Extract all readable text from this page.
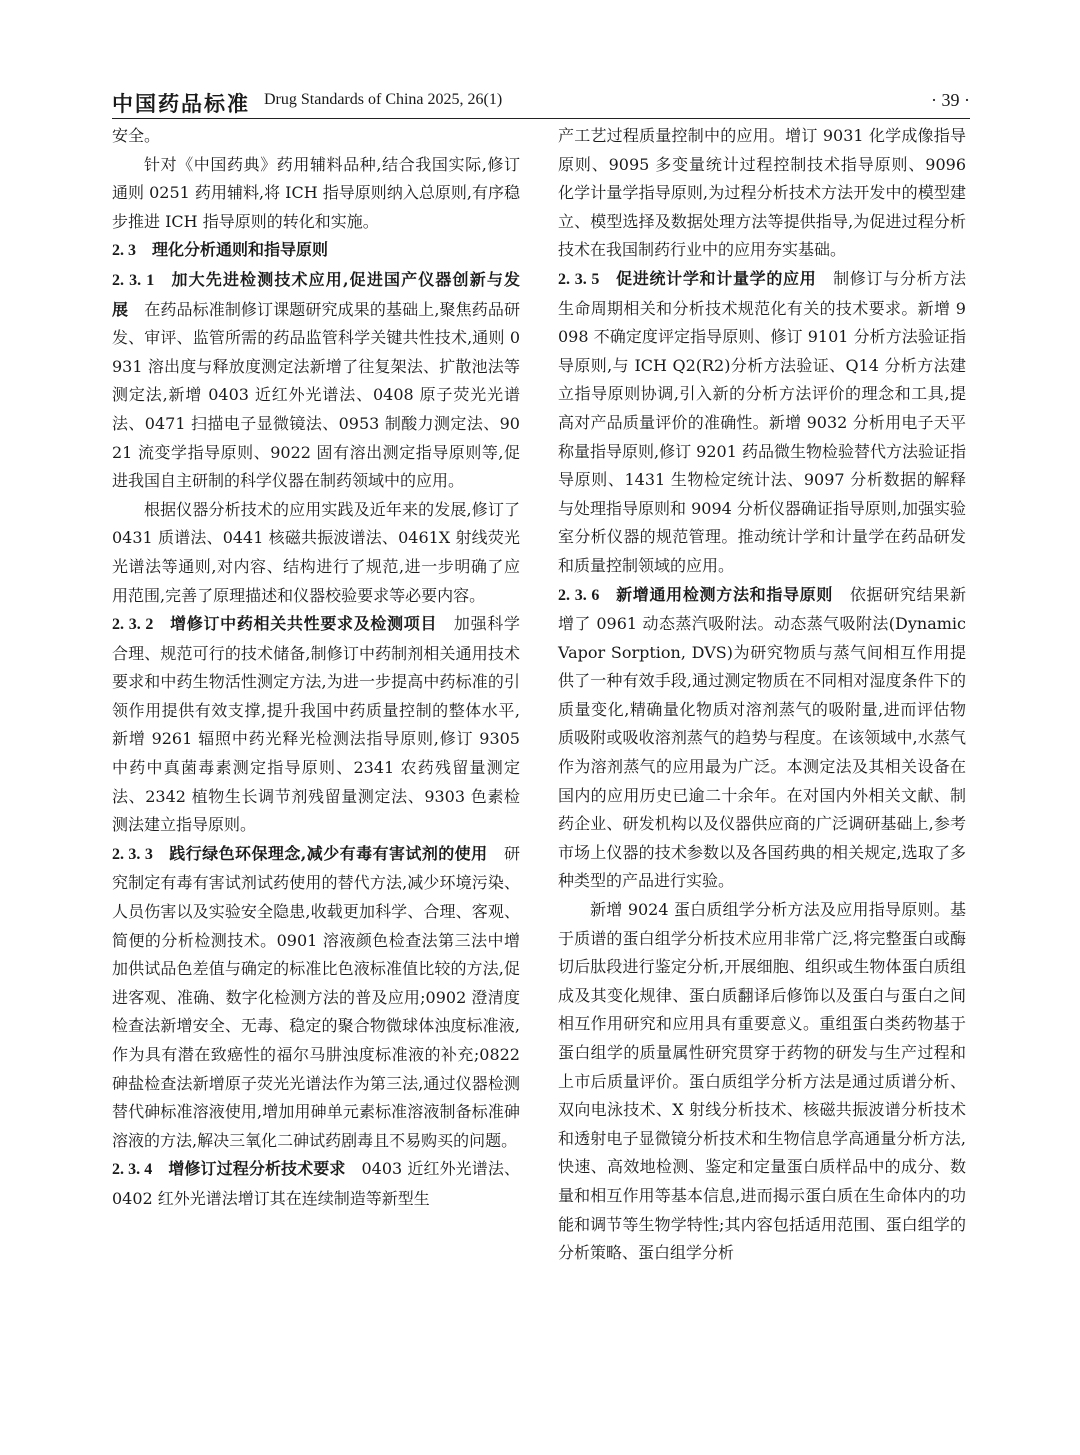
中国药品标准 Drug Standards of China 2025, 26(1)	· 39 ·

安全。

针对《中国药典》药用辅料品种,结合我国实际,修订通则 0251 药用辅料,将 ICH 指导原则纳入总原则,有序稳步推进 ICH 指导原则的转化和实施。

2. 3  理化分析通则和指导原则

2. 3. 1  加大先进检测技术应用,促进国产仪器创新与发展  在药品标准制修订课题研究成果的基础上,聚焦药品研发、审评、监管所需的药品监管科学关键共性技术,通则 0931 溶出度与释放度测定法新增了往复架法、扩散池法等测定法,新增 0403 近红外光谱法、0408 原子荧光光谱法、0471 扫描电子显微镜法、0953 制酸力测定法、9021 流变学指导原则、9022 固有溶出测定指导原则等,促进我国自主研制的科学仪器在制药领域中的应用。

根据仪器分析技术的应用实践及近年来的发展,修订了 0431 质谱法、0441 核磁共振波谱法、0461X 射线荧光光谱法等通则,对内容、结构进行了规范,进一步明确了应用范围,完善了原理描述和仪器校验要求等必要内容。

2. 3. 2  增修订中药相关共性要求及检测项目  加强科学合理、规范可行的技术储备,制修订中药制剂相关通用技术要求和中药生物活性测定方法,为进一步提高中药标准的引领作用提供有效支撑,提升我国中药质量控制的整体水平,新增 9261 辐照中药光释光检测法指导原则,修订 9305 中药中真菌毒素测定指导原则、2341 农药残留量测定法、2342 植物生长调节剂残留量测定法、9303 色素检测法建立指导原则。

2. 3. 3  践行绿色环保理念,减少有毒有害试剂的使用  研究制定有毒有害试剂试药使用的替代方法,减少环境污染、人员伤害以及实验安全隐患,收载更加科学、合理、客观、简便的分析检测技术。0901 溶液颜色检查法第三法中增加供试品色差值与确定的标准比色液标准值比较的方法,促进客观、准确、数字化检测方法的普及应用;0902 澄清度检查法新增安全、无毒、稳定的聚合物微球体浊度标准液,作为具有潜在致癌性的福尔马肼浊度标准液的补充;0822 砷盐检查法新增原子荧光光谱法作为第三法,通过仪器检测替代砷标准溶液使用,增加用砷单元素标准溶液制备标准砷溶液的方法,解决三氧化二砷试药剧毒且不易购买的问题。

2. 3. 4  增修订过程分析技术要求  0403 近红外光谱法、0402 红外光谱法增订其在连续制造等新型生

产工艺过程质量控制中的应用。增订 9031 化学成像指导原则、9095 多变量统计过程控制技术指导原则、9096 化学计量学指导原则,为过程分析技术方法开发中的模型建立、模型选择及数据处理方法等提供指导,为促进过程分析技术在我国制药行业中的应用夯实基础。

2. 3. 5  促进统计学和计量学的应用  制修订与分析方法生命周期相关和分析技术规范化有关的技术要求。新增 9098 不确定度评定指导原则、修订 9101 分析方法验证指导原则,与 ICH Q2(R2)分析方法验证、Q14 分析方法建立指导原则协调,引入新的分析方法评价的理念和工具,提高对产品质量评价的准确性。新增 9032 分析用电子天平称量指导原则,修订 9201 药品微生物检验替代方法验证指导原则、1431 生物检定统计法、9097 分析数据的解释与处理指导原则和 9094 分析仪器确证指导原则,加强实验室分析仪器的规范管理。推动统计学和计量学在药品研发和质量控制领域的应用。

2. 3. 6  新增通用检测方法和指导原则  依据研究结果新增了 0961 动态蒸汽吸附法。动态蒸气吸附法(Dynamic Vapor Sorption, DVS)为研究物质与蒸气间相互作用提供了一种有效手段,通过测定物质在不同相对湿度条件下的质量变化,精确量化物质对溶剂蒸气的吸附量,进而评估物质吸附或吸收溶剂蒸气的趋势与程度。在该领域中,水蒸气作为溶剂蒸气的应用最为广泛。本测定法及其相关设备在国内的应用历史已逾二十余年。在对国内外相关文献、制药企业、研发机构以及仪器供应商的广泛调研基础上,参考市场上仪器的技术参数以及各国药典的相关规定,选取了多种类型的产品进行实验。

新增 9024 蛋白质组学分析方法及应用指导原则。基于质谱的蛋白组学分析技术应用非常广泛,将完整蛋白或酶切后肽段进行鉴定分析,开展细胞、组织或生物体蛋白质组成及其变化规律、蛋白质翻译后修饰以及蛋白与蛋白之间相互作用研究和应用具有重要意义。重组蛋白类药物基于蛋白组学的质量属性研究贯穿于药物的研发与生产过程和上市后质量评价。蛋白质组学分析方法是通过质谱分析、双向电泳技术、X 射线分析技术、核磁共振波谱分析技术和透射电子显微镜分析技术和生物信息学高通量分析方法,快速、高效地检测、鉴定和定量蛋白质样品中的成分、数量和相互作用等基本信息,进而揭示蛋白质在生命体内的功能和调节等生物学特性;其内容包括适用范围、蛋白组学的分析策略、蛋白组学分析
